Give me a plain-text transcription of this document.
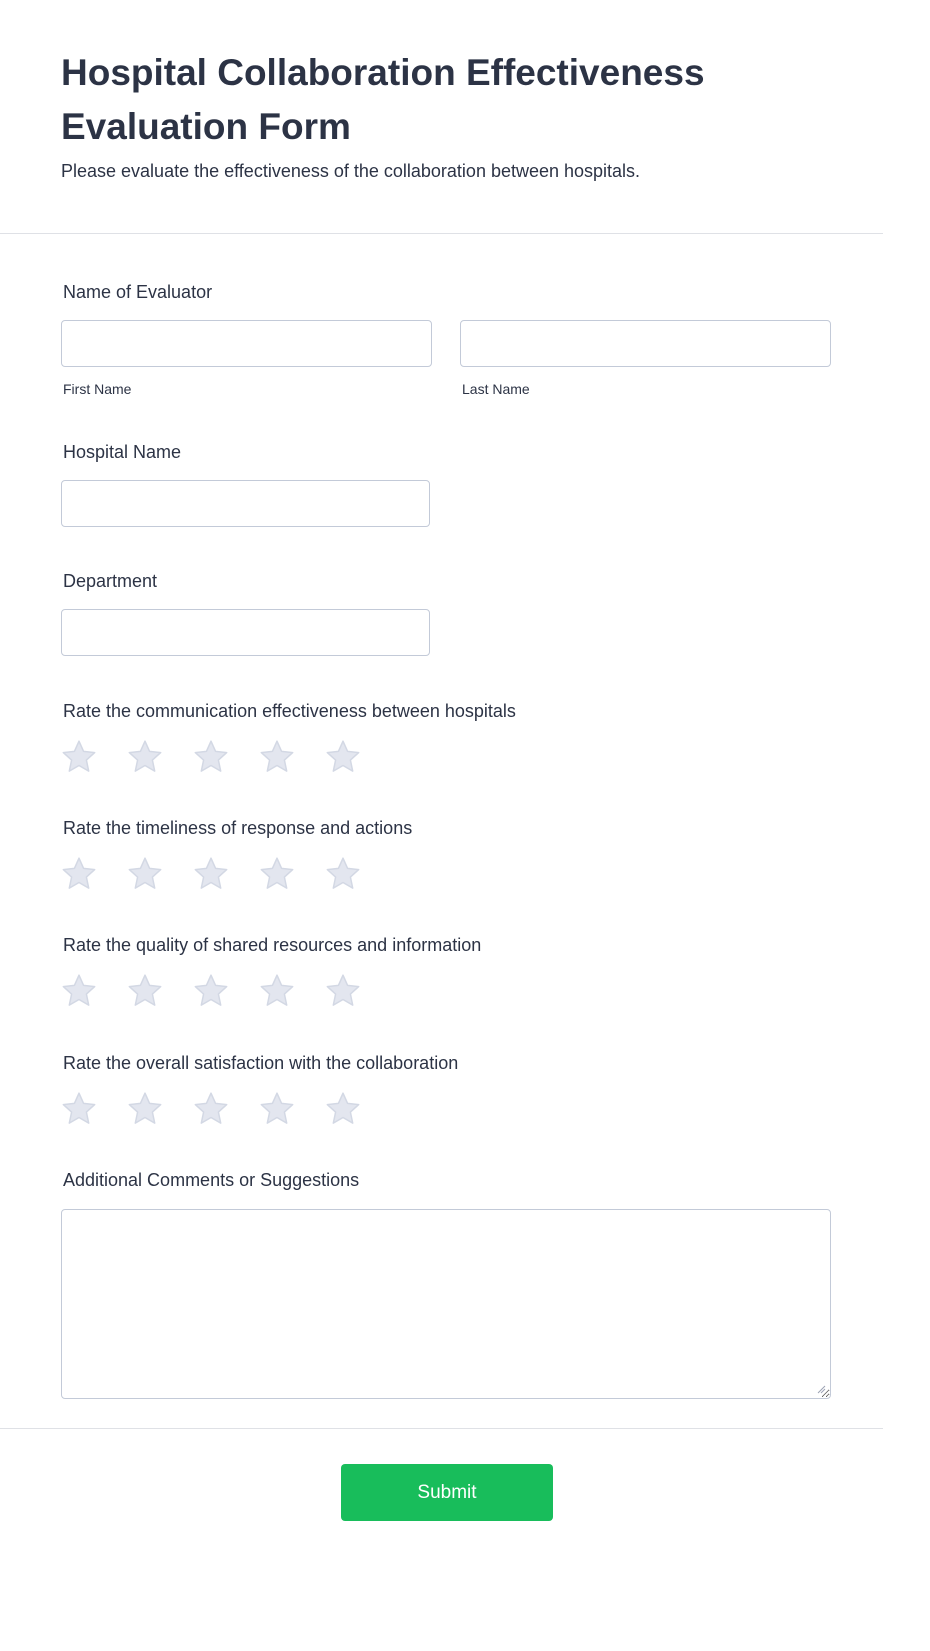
Hospital Collaboration Effectiveness Evaluation Form

Please evaluate the effectiveness of the collaboration between hospitals.

Name of Evaluator
First Name	Last Name
Hospital Name
Department
Rate the communication effectiveness between hospitals
Rate the timeliness of response and actions
Rate the quality of shared resources and information
Rate the overall satisfaction with the collaboration
Additional Comments or Suggestions
Submit
